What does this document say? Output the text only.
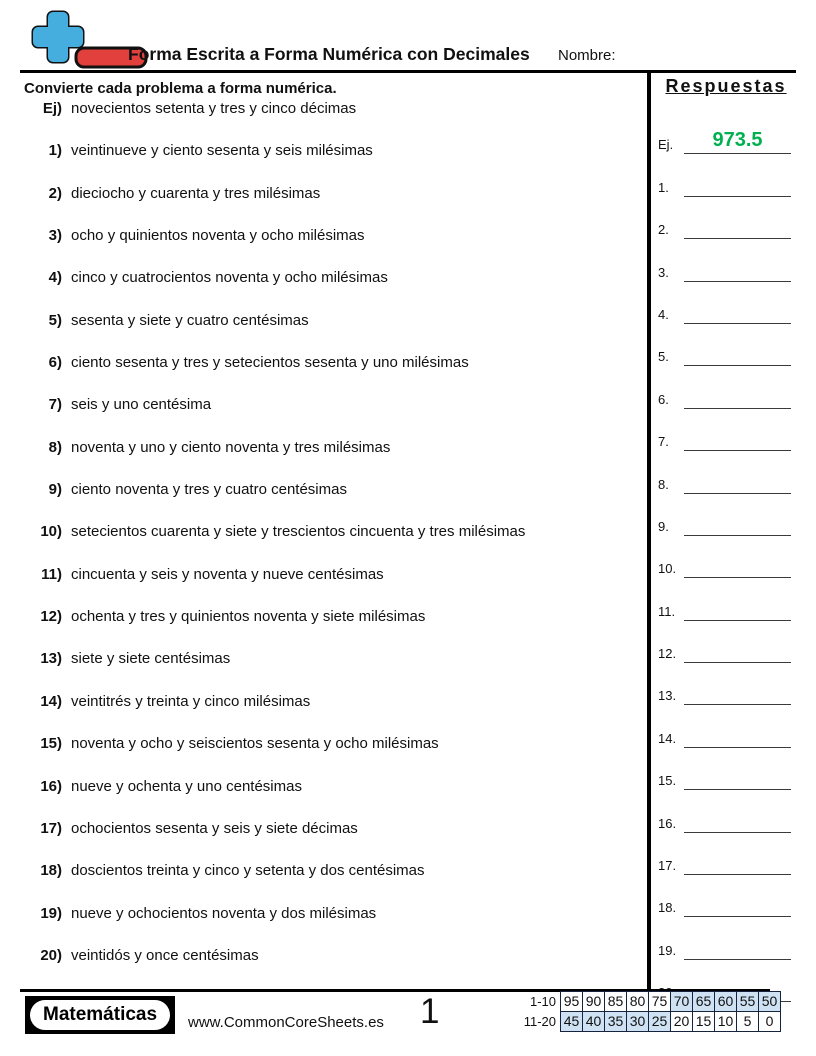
Forma Escrita a Forma Numérica con Decimales Nombre:
Convierte cada problema a forma numérica.
Ej) novecientos setenta y tres y cinco décimas
1) veintinueve y ciento sesenta y seis milésimas
2) dieciocho y cuarenta y tres milésimas
3) ocho y quinientos noventa y ocho milésimas
4) cinco y cuatrocientos noventa y ocho milésimas
5) sesenta y siete y cuatro centésimas
6) ciento sesenta y tres y setecientos sesenta y uno milésimas
7) seis y uno centésima
8) noventa y uno y ciento noventa y tres milésimas
9) ciento noventa y tres y cuatro centésimas
10) setecientos cuarenta y siete y trescientos cincuenta y tres milésimas
11) cincuenta y seis y noventa y nueve centésimas
12) ochenta y tres y quinientos noventa y siete milésimas
13) siete y siete centésimas
14) veintitrés y treinta y cinco milésimas
15) noventa y ocho y seiscientos sesenta y ocho milésimas
16) nueve y ochenta y uno centésimas
17) ochocientos sesenta y seis y siete décimas
18) doscientos treinta y cinco y setenta y dos centésimas
19) nueve y ochocientos noventa y dos milésimas
20) veintidós y once centésimas
Respuestas
Ej.	973.5
1.
2.
3.
4.
5.
6.
7.
8.
9.
10.
11.
12.
13.
14.
15.
16.
17.
18.
19.
Matemáticas	www.CommonCoreSheets.es 1	1-10 95 90 85 80 75 70 65 60 55 50
11-20 45 40 35 30 25 20 15 10 5	0
